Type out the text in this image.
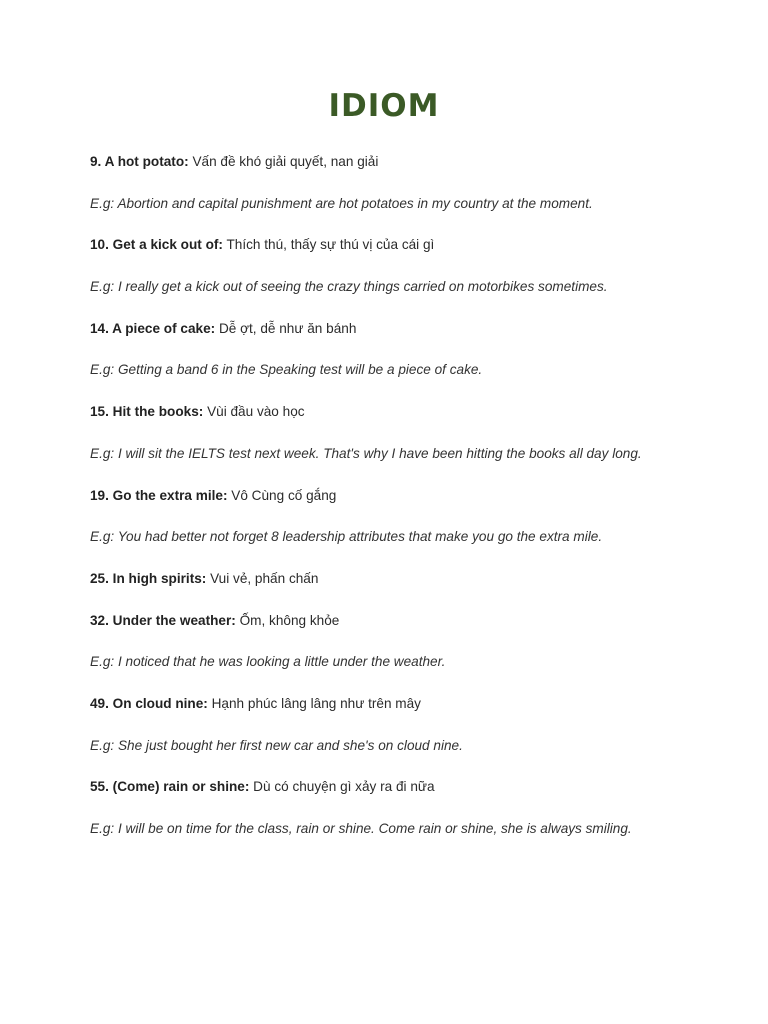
IDIOM
9. A hot potato: Vấn đề khó giải quyết, nan giải
E.g: Abortion and capital punishment are hot potatoes in my country at the moment.
10. Get a kick out of: Thích thú, thấy sự thú vị của cái gì
E.g: I really get a kick out of seeing the crazy things carried on motorbikes sometimes.
14. A piece of cake: Dễ ợt, dễ như ăn bánh
E.g: Getting a band 6 in the Speaking test will be a piece of cake.
15. Hit the books: Vùi đầu vào học
E.g: I will sit the IELTS test next week. That's why I have been hitting the books all day long.
19. Go the extra mile: Vô Cùng cố gắng
E.g: You had better not forget 8 leadership attributes that make you go the extra mile.
25. In high spirits: Vui vẻ, phấn chấn
32. Under the weather: Ốm, không khỏe
E.g: I noticed that he was looking a little under the weather.
49. On cloud nine: Hạnh phúc lâng lâng như trên mây
E.g: She just bought her first new car and she's on cloud nine.
55. (Come) rain or shine: Dù có chuyện gì xảy ra đi nữa
E.g: I will be on time for the class, rain or shine. Come rain or shine, she is always smiling.
